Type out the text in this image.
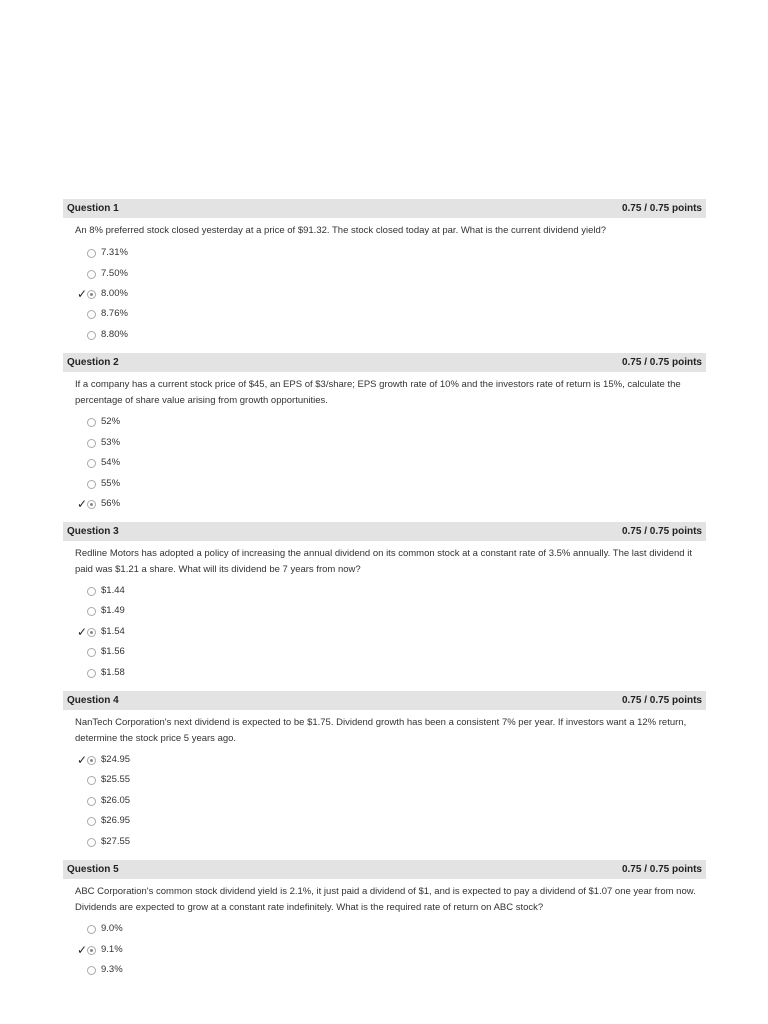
Question 1	0.75 / 0.75 points
An 8% preferred stock closed yesterday at a price of $91.32. The stock closed today at par. What is the current dividend yield?
7.31%
7.50%
✓ 8.00%
8.76%
8.80%
Question 2	0.75 / 0.75 points
If a company has a current stock price of $45, an EPS of $3/share; EPS growth rate of 10% and the investors rate of return is 15%, calculate the percentage of share value arising from growth opportunities.
52%
53%
54%
55%
✓ 56%
Question 3	0.75 / 0.75 points
Redline Motors has adopted a policy of increasing the annual dividend on its common stock at a constant rate of 3.5% annually. The last dividend it paid was $1.21 a share. What will its dividend be 7 years from now?
$1.44
$1.49
✓ $1.54
$1.56
$1.58
Question 4	0.75 / 0.75 points
NanTech Corporation's next dividend is expected to be $1.75. Dividend growth has been a consistent 7% per year. If investors want a 12% return, determine the stock price 5 years ago.
✓ $24.95
$25.55
$26.05
$26.95
$27.55
Question 5	0.75 / 0.75 points
ABC Corporation's common stock dividend yield is 2.1%, it just paid a dividend of $1, and is expected to pay a dividend of $1.07 one year from now. Dividends are expected to grow at a constant rate indefinitely. What is the required rate of return on ABC stock?
9.0%
✓ 9.1%
9.3%
